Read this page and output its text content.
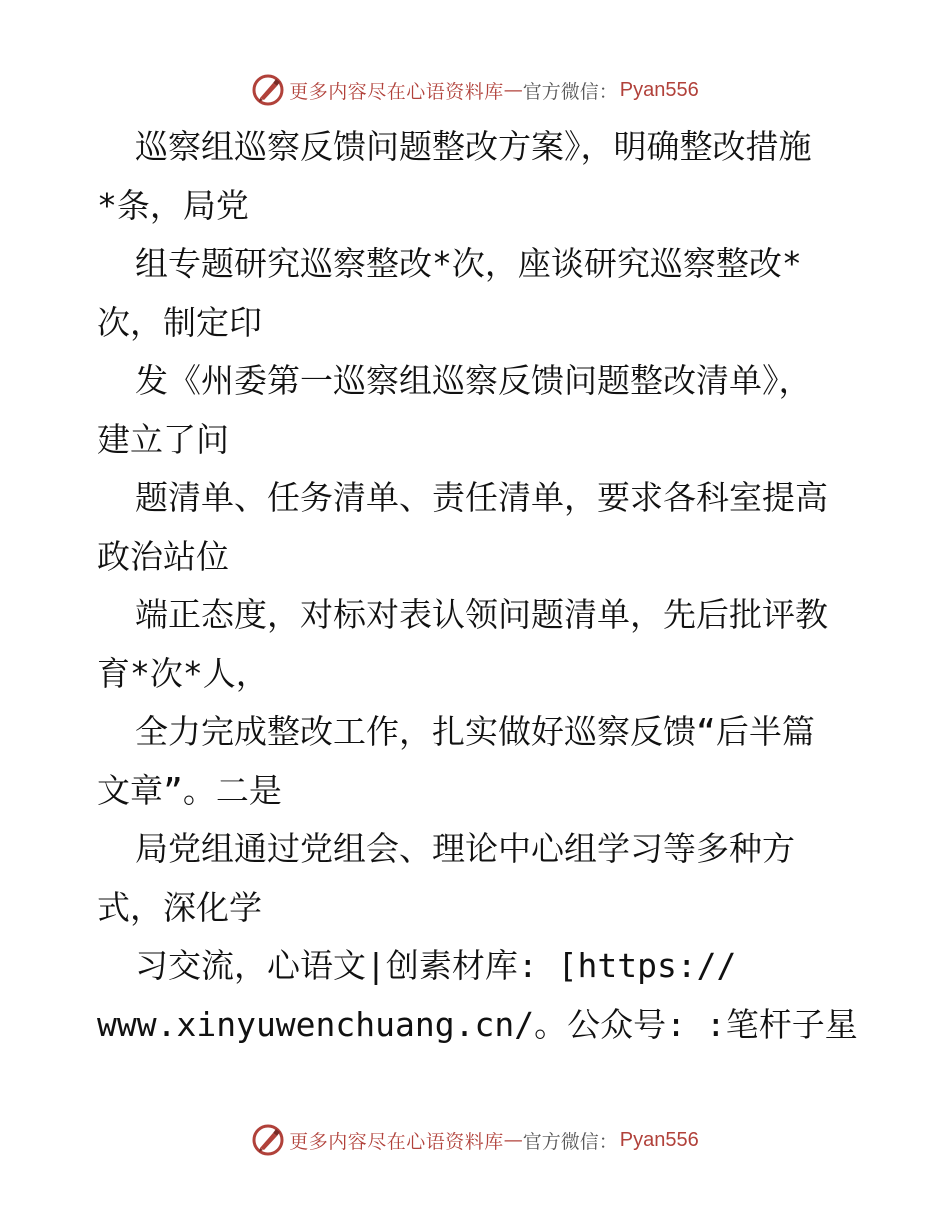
更多内容尽在心语资料库 — 官方微信： Pyan556
巡察组巡察反馈问题整改方案》，明确整改措施
*条，局党
组专题研究巡察整改*次，座谈研究巡察整改*
次，制定印
发《州委第一巡察组巡察反馈问题整改清单》，
建立了问
题清单、任务清单、责任清单，要求各科室提高
政治站位
端正态度，对标对表认领问题清单，先后批评教
育*次*人，
全力完成整改工作，扎实做好巡察反馈“后半篇
文章”。二是
局党组通过党组会、理论中心组学习等多种方
式，深化学
习交流，心语文|创素材库: [https://
www.xinyuwenchuang.cn/。公众号: :笔杆子星
更多内容尽在心语资料库 — 官方微信： Pyan556
